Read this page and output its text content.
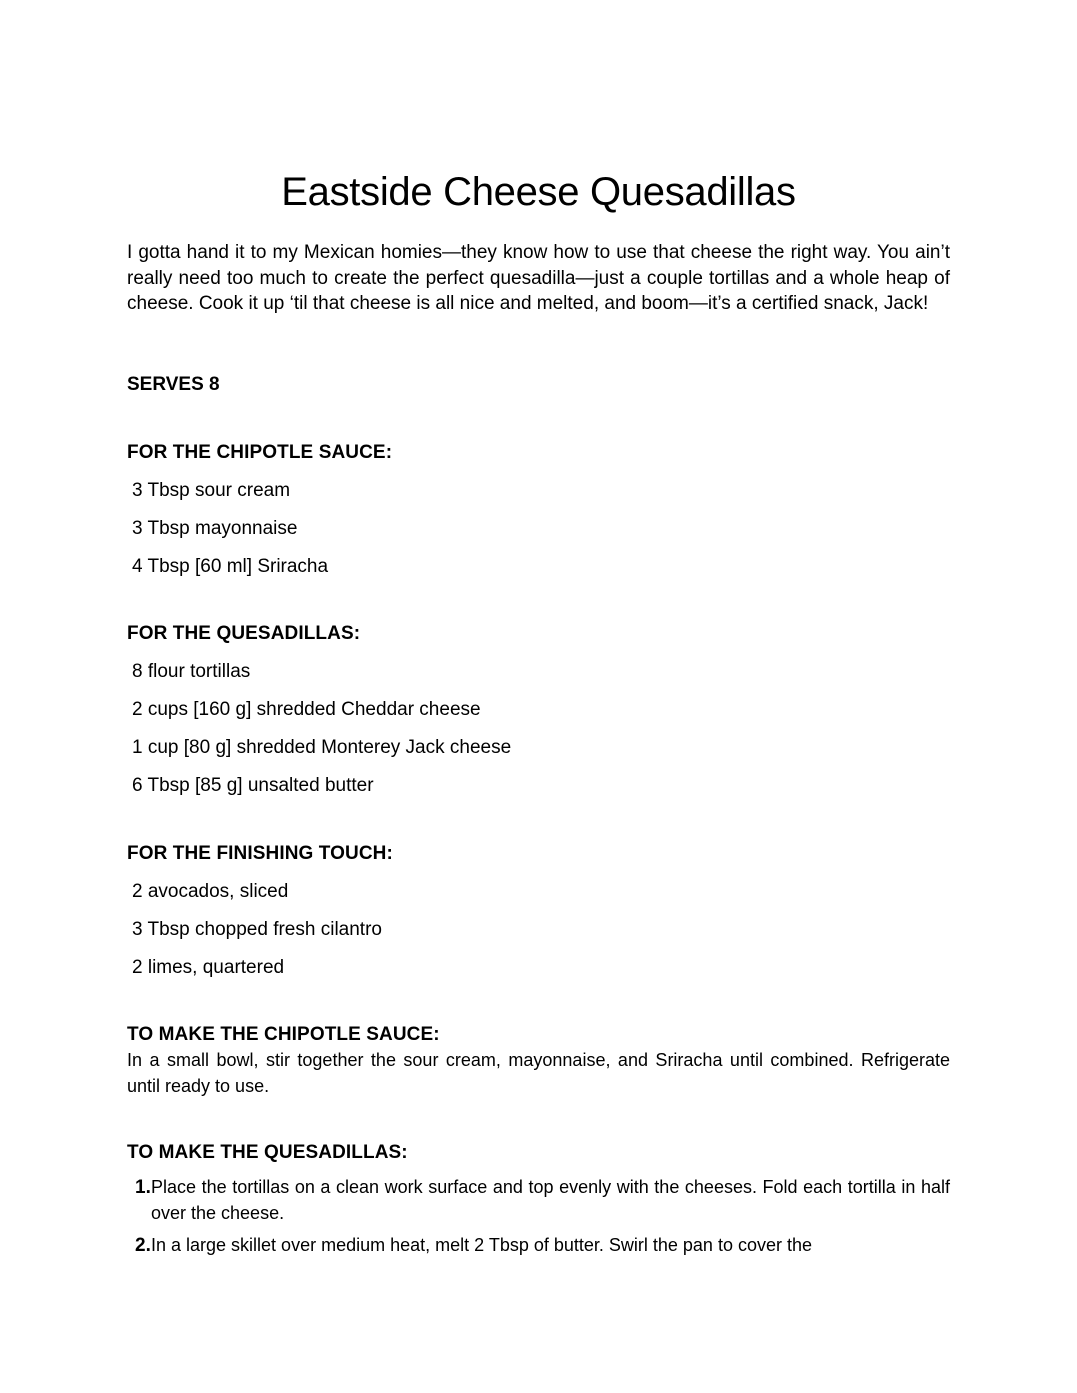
Eastside Cheese Quesadillas

I gotta hand it to my Mexican homies—they know how to use that cheese the right way. You ain’t really need too much to create the perfect quesadilla—just a couple tortillas and a whole heap of cheese. Cook it up ‘til that cheese is all nice and melted, and boom—it’s a certified snack, Jack!

SERVES 8

FOR THE CHIPOTLE SAUCE:
3 Tbsp sour cream
3 Tbsp mayonnaise
4 Tbsp [60 ml] Sriracha
FOR THE QUESADILLAS:
8 flour tortillas
2 cups [160 g] shredded Cheddar cheese
1 cup [80 g] shredded Monterey Jack cheese
6 Tbsp [85 g] unsalted butter
FOR THE FINISHING TOUCH:
2 avocados, sliced
3 Tbsp chopped fresh cilantro
2 limes, quartered
TO MAKE THE CHIPOTLE SAUCE:

In a small bowl, stir together the sour cream, mayonnaise, and Sriracha until combined. Refrigerate until ready to use.

TO MAKE THE QUESADILLAS:
1. Place the tortillas on a clean work surface and top evenly with the cheeses. Fold each tortilla in half over the cheese.
2. In a large skillet over medium heat, melt 2 Tbsp of butter. Swirl the pan to cover the
